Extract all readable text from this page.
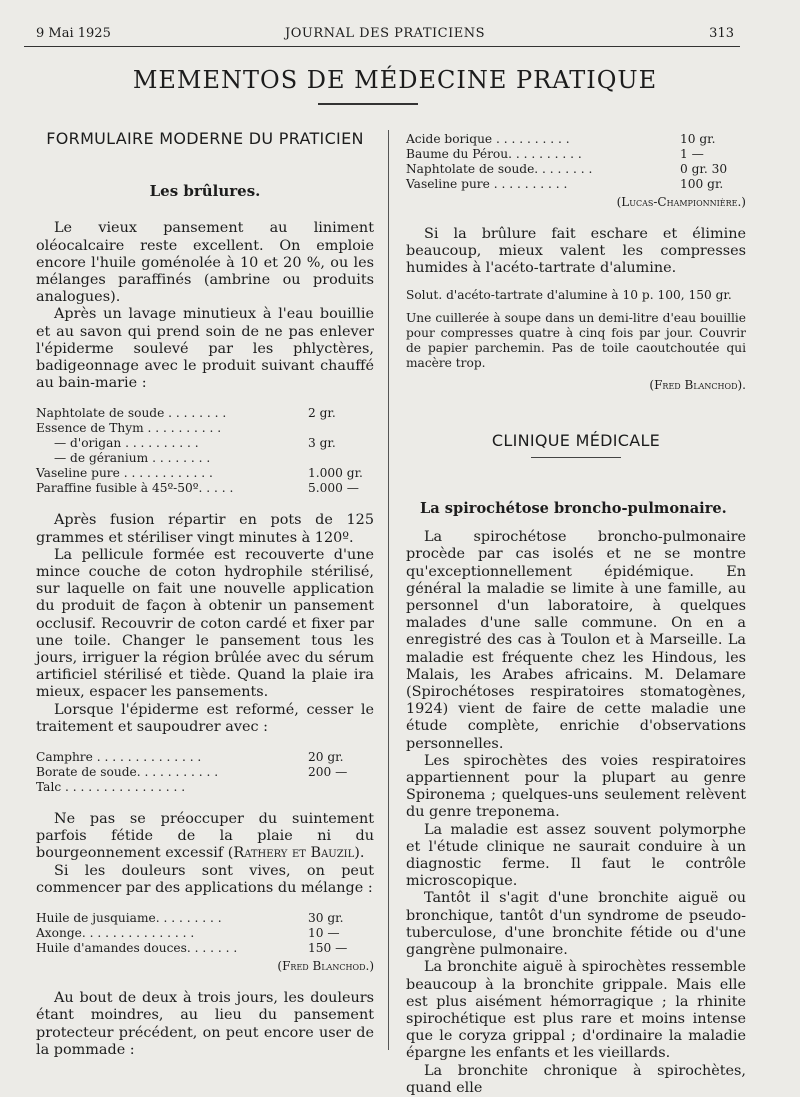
9 Mai 1925	JOURNAL DES PRATICIENS	313
MEMENTOS DE MÉDECINE PRATIQUE
FORMULAIRE MODERNE DU PRATICIEN
Les brûlures.

Le vieux pansement au liniment oléocalcaire reste excellent. On emploie encore l'huile goménolée à 10 et 20 %, ou les mélanges paraffinés (ambrine ou produits analogues).

Après un lavage minutieux à l'eau bouillie et au savon qui prend soin de ne pas enlever l'épiderme soulevé par les phlyctères, badigeonnage avec le produit suivant chauffé au bain-marie :

Naphtolate de soude . . . . . . . .	2 gr.
Essence de Thym . . . . . . . . . .
— d'origan . . . . . . . . . .	3 gr.
— de géranium . . . . . . . .
Vaseline pure . . . . . . . . . . . .	1.000 gr.
Paraffine fusible à 45º-50º. . . . .	5.000 —

Après fusion répartir en pots de 125 grammes et stériliser vingt minutes à 120º.

La pellicule formée est recouverte d'une mince couche de coton hydrophile stérilisé, sur laquelle on fait une nouvelle application du produit de façon à obtenir un pansement occlusif. Recouvrir de coton cardé et fixer par une toile. Changer le pansement tous les jours, irriguer la région brûlée avec du sérum artificiel stérilisé et tiède. Quand la plaie ira mieux, espacer les pansements.

Lorsque l'épiderme est reformé, cesser le traitement et saupoudrer avec :

Camphre . . . . . . . . . . . . . .	20 gr.
Borate de soude. . . . . . . . . . .	200 —
Talc . . . . . . . . . . . . . . . .

Ne pas se préoccuper du suintement parfois fétide de la plaie ni du bourgeonnement excessif (Rathery et Bauzil).

Si les douleurs sont vives, on peut commencer par des applications du mélange :

Huile de jusquiame. . . . . . . . .	30 gr.
Axonge. . . . . . . . . . . . . . .	10 —
Huile d'amandes douces. . . . . . .	150 —
(Fred Blanchod.)

Au bout de deux à trois jours, les douleurs étant moindres, au lieu du pansement protecteur précédent, on peut encore user de la pommade :

Acide borique . . . . . . . . . .	10 gr.
Baume du Pérou. . . . . . . . . .	1 —
Naphtolate de soude. . . . . . . .	0 gr. 30
Vaseline pure . . . . . . . . . .	100 gr.
(Lucas-Championnière.)

Si la brûlure fait eschare et élimine beaucoup, mieux valent les compresses humides à l'acéto-tartrate d'alumine.

Solut. d'acéto-tartrate d'alumine à 10 p. 100, 150 gr.

Une cuillerée à soupe dans un demi-litre d'eau bouillie pour compresses quatre à cinq fois par jour. Couvrir de papier parchemin. Pas de toile caoutchoutée qui macère trop.

(Fred Blanchod).
CLINIQUE MÉDICALE
La spirochétose broncho-pulmonaire.

La spirochétose broncho-pulmonaire procède par cas isolés et ne se montre qu'exceptionnellement épidémique. En général la maladie se limite à une famille, au personnel d'un laboratoire, à quelques malades d'une salle commune. On en a enregistré des cas à Toulon et à Marseille. La maladie est fréquente chez les Hindous, les Malais, les Arabes africains. M. Delamare (Spirochétoses respiratoires stomatogènes, 1924) vient de faire de cette maladie une étude complète, enrichie d'observations personnelles.

Les spirochètes des voies respiratoires appartiennent pour la plupart au genre Spironema ; quelques-uns seulement relèvent du genre treponema.

La maladie est assez souvent polymorphe et l'étude clinique ne saurait conduire à un diagnostic ferme. Il faut le contrôle microscopique.

Tantôt il s'agit d'une bronchite aiguë ou bronchique, tantôt d'un syndrome de pseudo-tuberculose, d'une bronchite fétide ou d'une gangrène pulmonaire.

La bronchite aiguë à spirochètes ressemble beaucoup à la bronchite grippale. Mais elle est plus aisément hémorragique ; la rhinite spirochétique est plus rare et moins intense que le coryza grippal ; d'ordinaire la maladie épargne les enfants et les vieillards.

La bronchite chronique à spirochètes, quand elle
